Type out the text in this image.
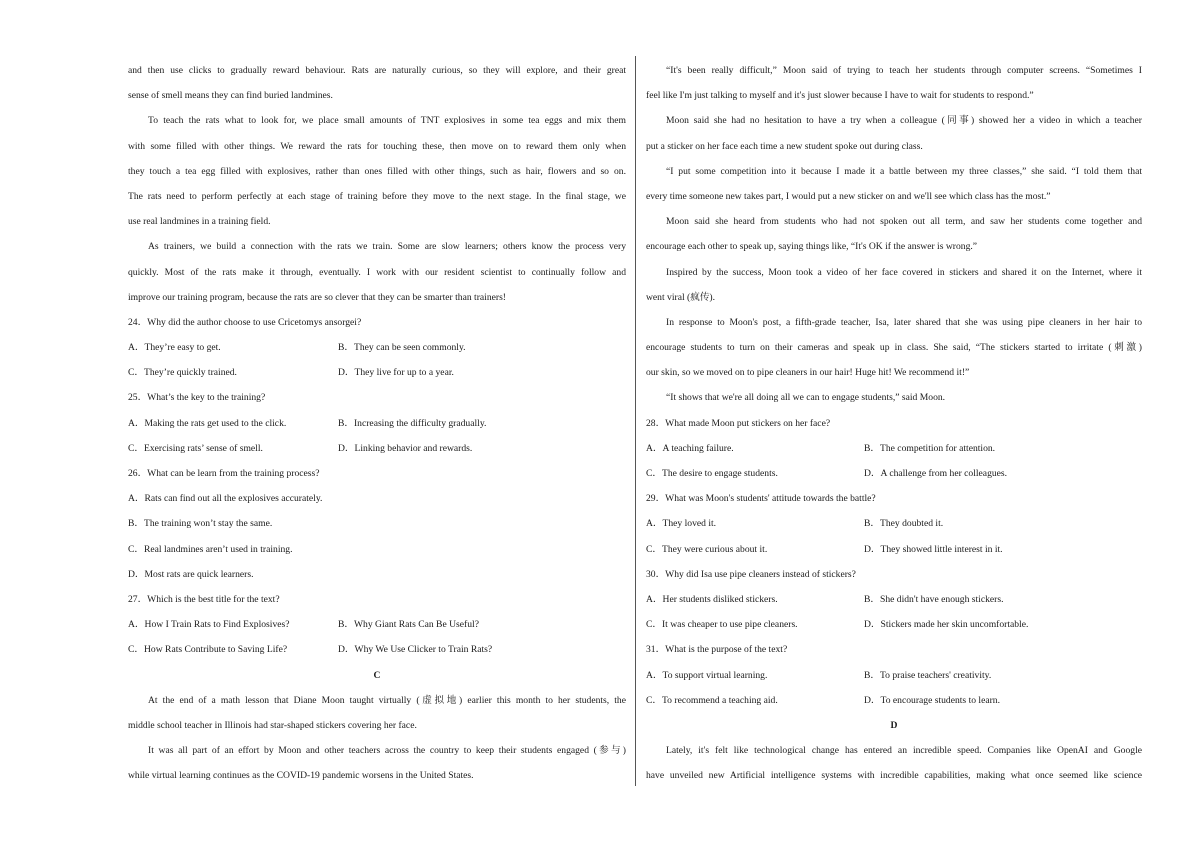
and then use clicks to gradually reward behaviour. Rats are naturally curious, so they will explore, and their great
sense of smell means they can find buried landmines.
To teach the rats what to look for, we place small amounts of TNT explosives in some tea eggs and mix them
with some filled with other things. We reward the rats for touching these, then move on to reward them only when
they touch a tea egg filled with explosives, rather than ones filled with other things, such as hair, flowers and so on.
The rats need to perform perfectly at each stage of training before they move to the next stage. In the final stage, we
use real landmines in a training field.
As trainers, we build a connection with the rats we train. Some are slow learners; others know the process very
quickly. Most of the rats make it through, eventually. I work with our resident scientist to continually follow and
improve our training program, because the rats are so clever that they can be smarter than trainers!
24．Why did the author choose to use Cricetomys ansorgei?
A．They’re easy to get.	B．They can be seen commonly.
C．They’re quickly trained.	D．They live for up to a year.
25．What’s the key to the training?
A．Making the rats get used to the click.	B．Increasing the difficulty gradually.
C．Exercising rats’ sense of smell.	D．Linking behavior and rewards.
26．What can be learn from the training process?
A．Rats can find out all the explosives accurately.
B．The training won’t stay the same.
C．Real landmines aren’t used in training.
D．Most rats are quick learners.
27．Which is the best title for the text?
A．How I Train Rats to Find Explosives?	B．Why Giant Rats Can Be Useful?
C．How Rats Contribute to Saving Life?	D．Why We Use Clicker to Train Rats?
C
At the end of a math lesson that Diane Moon taught virtually (虚拟地) earlier this month to her students, the
middle school teacher in Illinois had star-shaped stickers covering her face.
It was all part of an effort by Moon and other teachers across the country to keep their students engaged (参与)
while virtual learning continues as the COVID-19 pandemic worsens in the United States.
“It's been really difficult,” Moon said of trying to teach her students through computer screens. “Sometimes I
feel like I'm just talking to myself and it's just slower because I have to wait for students to respond.”
Moon said she had no hesitation to have a try when a colleague (同事) showed her a video in which a teacher
put a sticker on her face each time a new student spoke out during class.
“I put some competition into it because I made it a battle between my three classes,” she said. “I told them that
every time someone new takes part, I would put a new sticker on and we'll see which class has the most.”
Moon said she heard from students who had not spoken out all term, and saw her students come together and
encourage each other to speak up, saying things like, “It's OK if the answer is wrong.”
Inspired by the success, Moon took a video of her face covered in stickers and shared it on the Internet, where it
went viral (疯传).
In response to Moon's post, a fifth-grade teacher, Isa, later shared that she was using pipe cleaners in her hair to
encourage students to turn on their cameras and speak up in class. She said, “The stickers started to irritate (刺激)
our skin, so we moved on to pipe cleaners in our hair! Huge hit! We recommend it!”
“It shows that we're all doing all we can to engage students,” said Moon.
28．What made Moon put stickers on her face?
A．A teaching failure.	B．The competition for attention.
C．The desire to engage students.	D．A challenge from her colleagues.
29．What was Moon's students' attitude towards the battle?
A．They loved it.	B．They doubted it.
C．They were curious about it.	D．They showed little interest in it.
30．Why did Isa use pipe cleaners instead of stickers?
A．Her students disliked stickers.	B．She didn't have enough stickers.
C．It was cheaper to use pipe cleaners.	D．Stickers made her skin uncomfortable.
31．What is the purpose of the text?
A．To support virtual learning.	B．To praise teachers' creativity.
C．To recommend a teaching aid.	D．To encourage students to learn.
D
Lately, it's felt like technological change has entered an incredible speed. Companies like OpenAI and Google
have unveiled new Artificial intelligence systems with incredible capabilities, making what once seemed like science
